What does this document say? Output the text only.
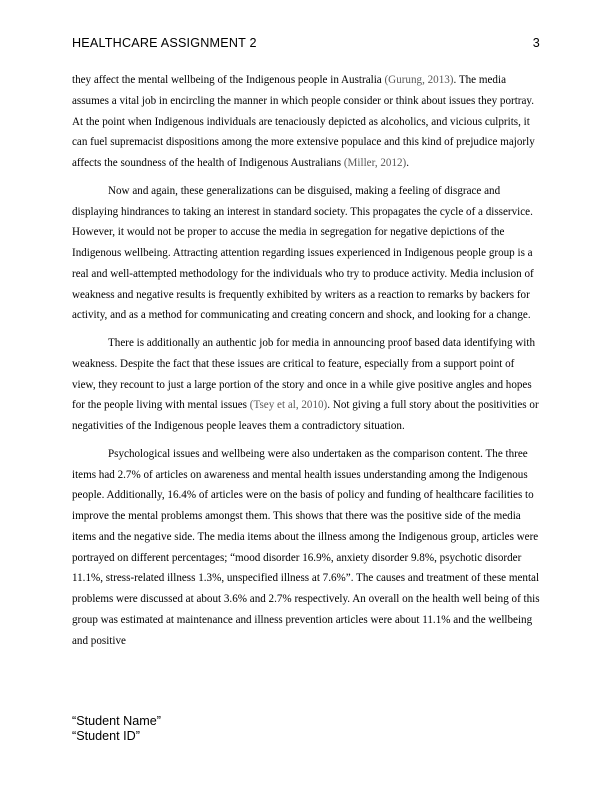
HEALTHCARE ASSIGNMENT 2	3

they affect the mental wellbeing of the Indigenous people in Australia (Gurung, 2013). The media assumes a vital job in encircling the manner in which people consider or think about issues they portray. At the point when Indigenous individuals are tenaciously depicted as alcoholics, and vicious culprits, it can fuel supremacist dispositions among the more extensive populace and this kind of prejudice majorly affects the soundness of the health of Indigenous Australians (Miller, 2012).

Now and again, these generalizations can be disguised, making a feeling of disgrace and displaying hindrances to taking an interest in standard society. This propagates the cycle of a disservice. However, it would not be proper to accuse the media in segregation for negative depictions of the Indigenous wellbeing. Attracting attention regarding issues experienced in Indigenous people group is a real and well-attempted methodology for the individuals who try to produce activity. Media inclusion of weakness and negative results is frequently exhibited by writers as a reaction to remarks by backers for activity, and as a method for communicating and creating concern and shock, and looking for a change.

There is additionally an authentic job for media in announcing proof based data identifying with weakness. Despite the fact that these issues are critical to feature, especially from a support point of view, they recount to just a large portion of the story and once in a while give positive angles and hopes for the people living with mental issues (Tsey et al, 2010). Not giving a full story about the positivities or negativities of the Indigenous people leaves them a contradictory situation.

Psychological issues and wellbeing were also undertaken as the comparison content. The three items had 2.7% of articles on awareness and mental health issues understanding among the Indigenous people. Additionally, 16.4% of articles were on the basis of policy and funding of healthcare facilities to improve the mental problems amongst them. This shows that there was the positive side of the media items and the negative side. The media items about the illness among the Indigenous group, articles were portrayed on different percentages; “mood disorder 16.9%, anxiety disorder 9.8%, psychotic disorder 11.1%, stress-related illness 1.3%, unspecified illness at 7.6%”. The causes and treatment of these mental problems were discussed at about 3.6% and 2.7% respectively. An overall on the health well being of this group was estimated at maintenance and illness prevention articles were about 11.1% and the wellbeing and positive

“Student Name”
“Student ID”
